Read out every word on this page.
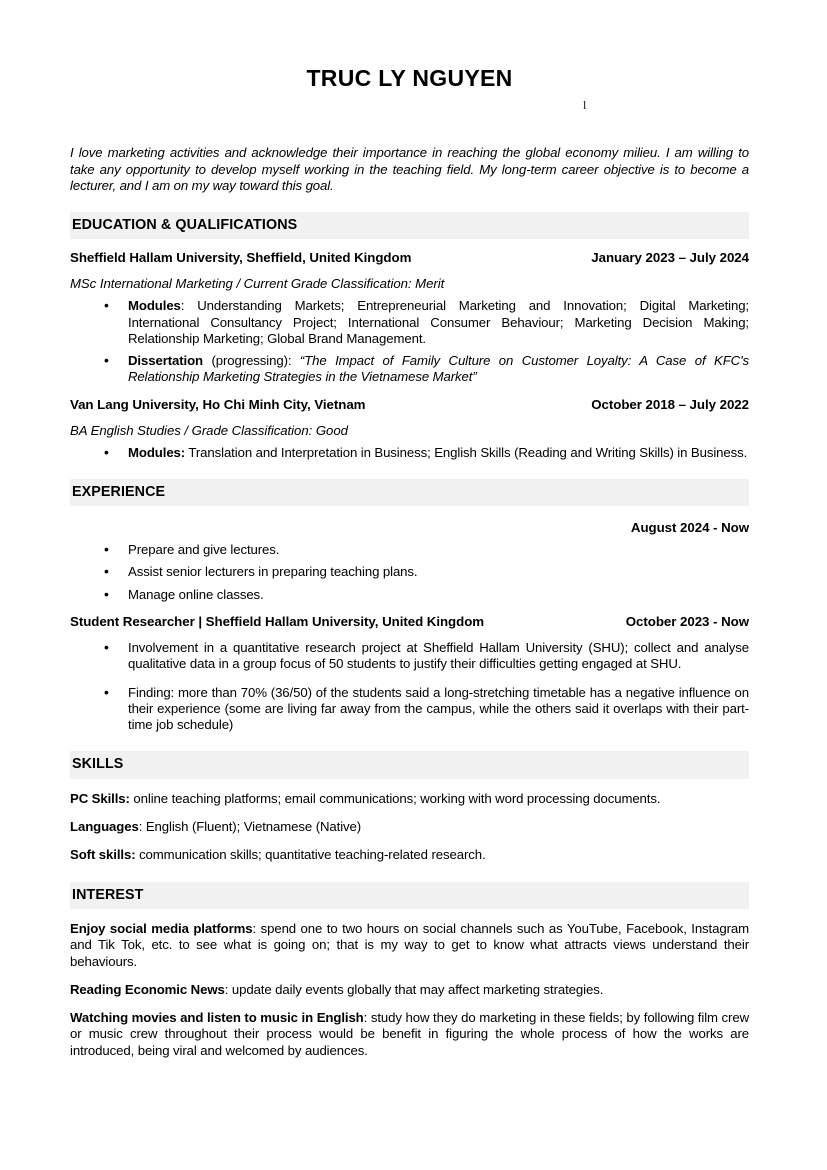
TRUC LY NGUYEN
l

I love marketing activities and acknowledge their importance in reaching the global economy milieu. I am willing to take any opportunity to develop myself working in the teaching field. My long-term career objective is to become a lecturer, and I am on my way toward this goal.

EDUCATION & QUALIFICATIONS
Sheffield Hallam University, Sheffield, United Kingdom	January 2023 – July 2024
MSc International Marketing / Current Grade Classification: Merit
• Modules: Understanding Markets; Entrepreneurial Marketing and Innovation; Digital Marketing; International Consultancy Project; International Consumer Behaviour; Marketing Decision Making; Relationship Marketing; Global Brand Management.
• Dissertation (progressing): “The Impact of Family Culture on Customer Loyalty: A Case of KFC's Relationship Marketing Strategies in the Vietnamese Market”
Van Lang University, Ho Chi Minh City, Vietnam	October 2018 – July 2022
BA English Studies / Grade Classification: Good
• Modules: Translation and Interpretation in Business; English Skills (Reading and Writing Skills) in Business.
EXPERIENCE
August 2024 - Now
• Prepare and give lectures.
• Assist senior lecturers in preparing teaching plans.
• Manage online classes.
Student Researcher | Sheffield Hallam University, United Kingdom	October 2023 - Now
• Involvement in a quantitative research project at Sheffield Hallam University (SHU); collect and analyse qualitative data in a group focus of 50 students to justify their difficulties getting engaged at SHU.
• Finding: more than 70% (36/50) of the students said a long-stretching timetable has a negative influence on their experience (some are living far away from the campus, while the others said it overlaps with their part-time job schedule)
SKILLS
PC Skills: online teaching platforms; email communications; working with word processing documents.
Languages: English (Fluent); Vietnamese (Native)
Soft skills: communication skills; quantitative teaching-related research.
INTEREST
Enjoy social media platforms: spend one to two hours on social channels such as YouTube, Facebook, Instagram and Tik Tok, etc. to see what is going on; that is my way to get to know what attracts views understand their behaviours.
Reading Economic News: update daily events globally that may affect marketing strategies.
Watching movies and listen to music in English: study how they do marketing in these fields; by following film crew or music crew throughout their process would be benefit in figuring the whole process of how the works are introduced, being viral and welcomed by audiences.
